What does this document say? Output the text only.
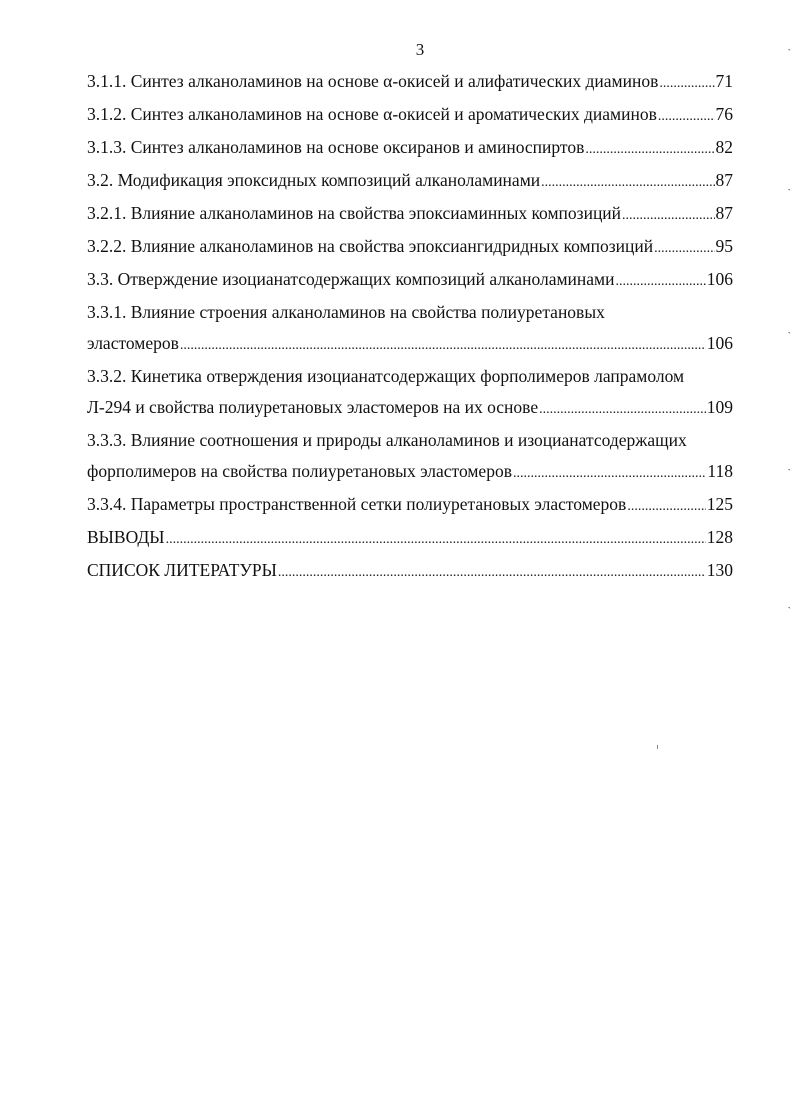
3
3.1.1. Синтез алканоламинов на основе α-окисей и алифатических диаминов .....	71
3.1.2. Синтез алканоламинов на основе α-окисей и ароматических диаминов .....	76
3.1.3. Синтез алканоламинов на основе оксиранов и аминоспиртов .....	82
3.2. Модификация эпоксидных композиций алканоламинами .....	87
3.2.1. Влияние алканоламинов на свойства эпоксиаминных композиций .....	87
3.2.2. Влияние алканоламинов на свойства эпоксиангидридных композиций .....	95
3.3. Отверждение изоцианатсодержащих композиций алканоламинами .....	106
3.3.1. Влияние строения алканоламинов на свойства полиуретановых
эластомеров .....	106
3.3.2. Кинетика отверждения изоцианатсодержащих форполимеров лапрамолом
Л-294 и свойства полиуретановых эластомеров на их основе .....	109
3.3.3. Влияние соотношения и природы алканоламинов и изоцианатсодержащих
форполимеров на свойства полиуретановых эластомеров .....	118
3.3.4. Параметры пространственной сетки полиуретановых эластомеров .....	125
ВЫВОДЫ .....	128
СПИСОК ЛИТЕРАТУРЫ .....	130
ˎ
ˎ
ˎ
ˎ
ˎ
